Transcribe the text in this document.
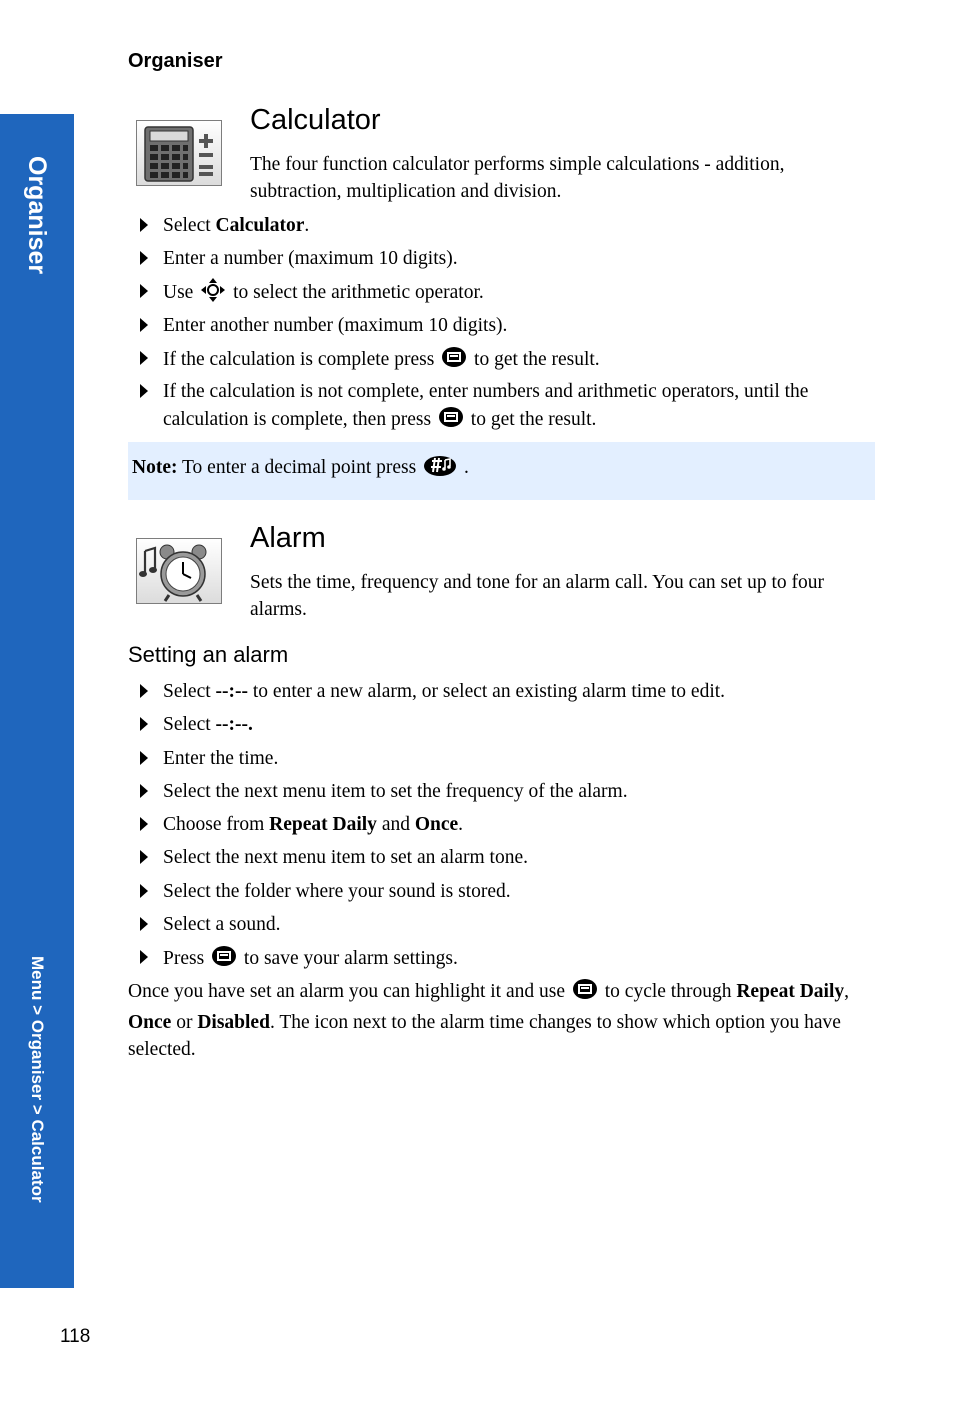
Organiser
Organiser
Menu > Organiser > Calculator
Calculator
The four function calculator performs simple calculations - addition, subtraction, multiplication and division.
Select Calculator.
Enter a number (maximum 10 digits).
Use  to select the arithmetic operator.
Enter another number (maximum 10 digits).
If the calculation is complete press  to get the result.
If the calculation is not complete, enter numbers and arithmetic operators, until the calculation is complete, then press  to get the result.
Note: To enter a decimal point press  .
Alarm
Sets the time, frequency and tone for an alarm call. You can set up to four alarms.
Setting an alarm
Select --:-- to enter a new alarm, or select an existing alarm time to edit.
Select --:--.
Enter the time.
Select the next menu item to set the frequency of the alarm.
Choose from Repeat Daily and Once.
Select the next menu item to set an alarm tone.
Select the folder where your sound is stored.
Select a sound.
Press  to save your alarm settings.
Once you have set an alarm you can highlight it and use  to cycle through Repeat Daily, Once or Disabled. The icon next to the alarm time changes to show which option you have selected.
118
